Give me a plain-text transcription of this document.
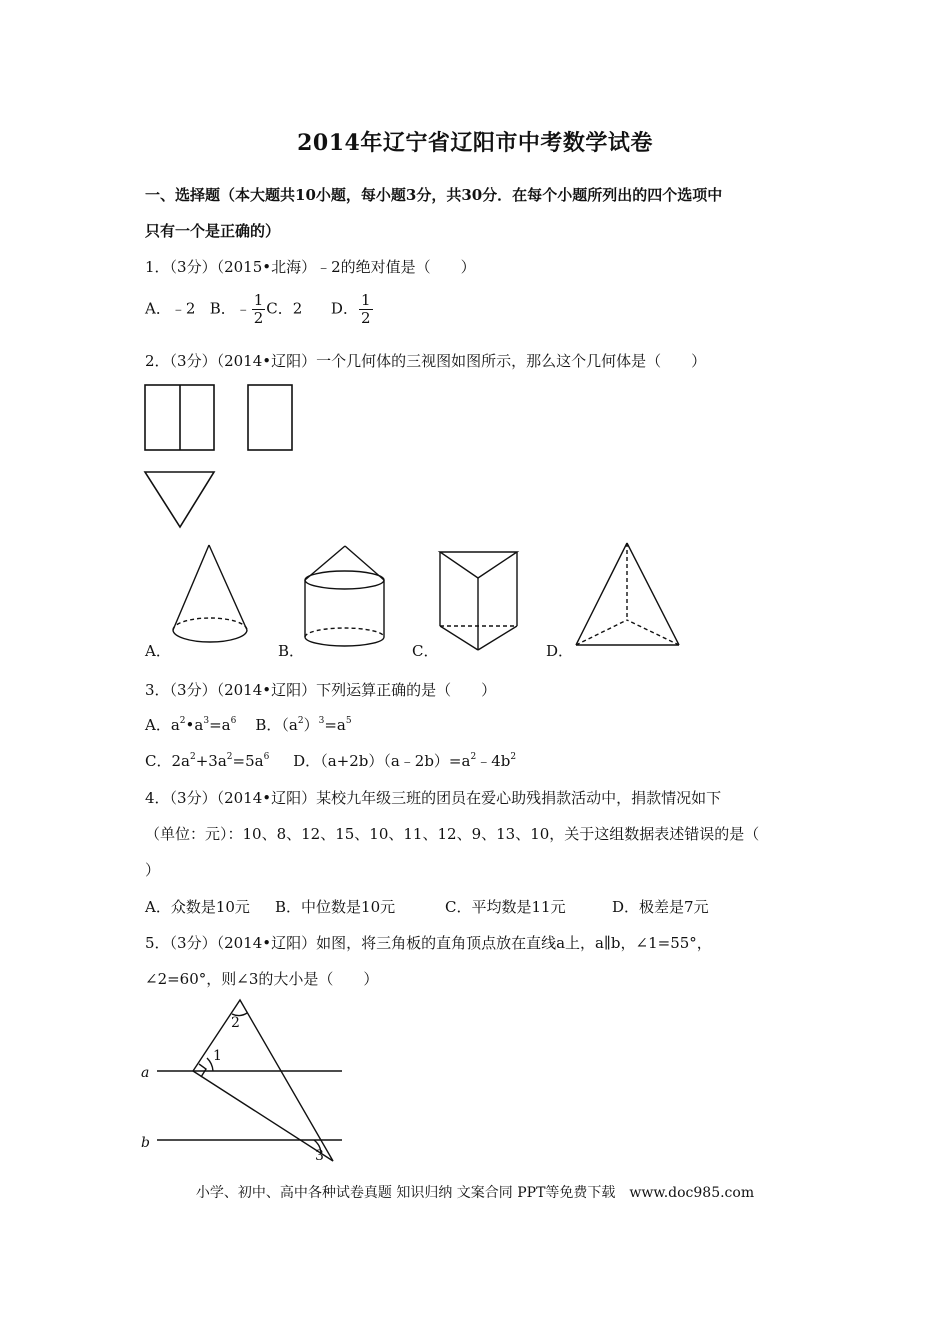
2014年辽宁省辽阳市中考数学试卷
一、选择题（本大题共10小题，每小题3分，共30分．在每个小题所列出的四个选项中
只有一个是正确的）
1．（3分）（2015•北海）﹣2的绝对值是（　　）
A．﹣2 B．﹣ $\frac{1}{2}$ C．2 D． $\frac{1}{2}$
2．（3分）（2014•辽阳）一个几何体的三视图如图所示，那么这个几何体是（　　）
A．	B．	C．	D．
3．（3分）（2014•辽阳）下列运算正确的是（　　）
A．$a^2•a^3=a^6$ B．$(a^2)^3=a^5$
C．$2a^2+3a^2=5a^6$ D．$(a+2b)(a﹣2b)=a^2﹣4b^2$
4．（3分）（2014•辽阳）某校九年级三班的团员在爱心助残捐款活动中，捐款情况如下
（单位：元）：10、8、12、15、10、11、12、9、13、10，关于这组数据表述错误的是（
）
A．众数是10元 B．中位数是10元	C．平均数是11元	D．极差是7元
5．（3分）（2014•辽阳）如图，将三角板的直角顶点放在直线a上，a∥b，∠1=55°，
∠2=60°，则∠3的大小是（　　）
a
b
1
2
3
小学、初中、高中各种试卷真题 知识归纳 文案合同 PPT等免费下载　www.doc985.com
